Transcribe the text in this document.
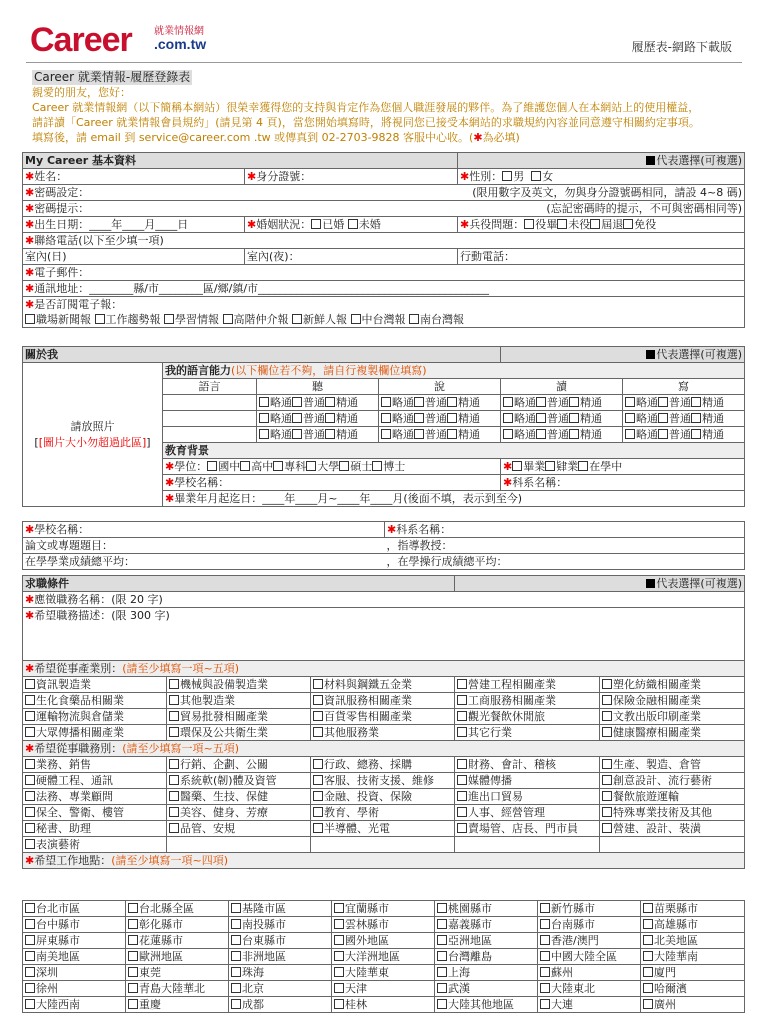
Career 就業情報網
.com.tw	履歷表-網路下載版
Career 就業情報-履歷登錄表
親愛的朋友，您好：
Career 就業情報網（以下簡稱本網站）很榮幸獲得您的支持與肯定作為您個人職涯發展的夥伴。為了維護您個人在本網站上的使用權益，
請詳讀「Career 就業情報會員規約」(請見第 4 頁)，當您開始填寫時，將視同您已接受本網站的求職規約內容並同意遵守相關約定事項。
填寫後，請 email 到 service@career.com .tw 或傳真到 02-2703-9828 客服中心收。(✱為必填)
My Career 基本資料		代表選擇(可複選)
✱姓名：	✱身分證號：	✱性別： 男 女
✱密碼設定： (限用數字及英文，勿與身分證號碼相同，請設 4~8 碼)		

✱密碼提示： (忘記密碼時的提示，不可與密碼相同等)		

✱出生日期：____年____月____日	✱婚姻狀況： 已婚 未婚	✱兵役問題： 役畢 未役 屆退 免役
✱聯絡電話(以下至少填一項)		
室內(日)	室內(夜)：	行動電話：
✱電子郵件：		
✱通訊地址：________縣/市________區/鄉/鎮/市__________________________________________		
✱是否訂閱電子報：
職場新聞報 工作趨勢報 學習情報 高階仲介報 新鮮人報 中台灣報 南台灣報		
關於我				代表選擇(可複選)	
請放照片
[[圖片大小勿超過此區]]	我的語言能力(以下欄位若不夠，請自行複製欄位填寫)				
	語言	聽	說	讀	寫
		略通 普通 精通	略通 普通 精通	略通 普通 精通	略通 普通 精通
		略通 普通 精通	略通 普通 精通	略通 普通 精通	略通 普通 精通
		略通 普通 精通	略通 普通 精通	略通 普通 精通	略通 普通 精通
	教育背景				
	✱學位： 國中 高中 專科 大學 碩士 博士			✱ 畢業 肄業 在學中	
	✱學校名稱：			✱科系名稱：	
	✱畢業年月起迄日：____年____月~____年____月(後面不填，表示到至今)				
✱學校名稱：	✱科系名稱：
論文或專題題目：	，指導教授：
在學學業成績總平均：	，在學操行成績總平均：
求職條件			代表選擇(可複選)	
✱應徵職務名稱：(限 20 字)				
✱希望職務描述：(限 300 字)				
✱希望從事產業別：(請至少填寫一項~五項)				
資訊製造業	機械與設備製造業	材料與鋼鐵五金業	營建工程相關產業	塑化紡織相關產業
生化食藥品相關業	其他製造業	資訊服務相關產業	工商服務相關產業	保險金融相關產業
運輸物流與倉儲業	貿易批發相關產業	百貨零售相關產業	觀光餐飲休閒旅	文教出版印刷產業
大眾傳播相關產業	環保及公共衛生業	其他服務業	其它行業	健康醫療相關產業
✱希望從事職務別：(請至少填寫一項~五項)				
業務、銷售	行銷、企劃、公關	行政、總務、採購	財務、會計、稽核	生產、製造、倉管
硬體工程、通訊	系統軟(韌)體及資管	客服、技術支援、維修	媒體傳播	創意設計、流行藝術
法務、專業顧問	醫藥、生技、保健	金融、投資、保險	進出口貿易	餐飲旅遊運輸
保全、警衛、樓管	美容、健身、芳療	教育、學術	人事、經營管理	特殊專業技術及其他
秘書、助理	品管、安規	半導體、光電	賣場管、店長、門市員	營建、設計、裝潢
表演藝術				
✱希望工作地點：(請至少填寫一項~四項)				
台北市區	台北縣全區	基隆市區	宜蘭縣市	桃園縣市	新竹縣市	苗栗縣市
台中縣市	彰化縣市	南投縣市	雲林縣市	嘉義縣市	台南縣市	高雄縣市
屏東縣市	花蓮縣市	台東縣市	國外地區	亞洲地區	香港/澳門	北美地區
南美地區	歐洲地區	非洲地區	大洋洲地區	台灣離島	中國大陸全區	大陸華南
深圳	東莞	珠海	大陸華東	上海	蘇州	廈門
徐州	青島大陸華北	北京	天津	武漢	大陸東北	哈爾濱
大陸西南	重慶	成都	桂林	大陸其他地區	大連	廣州
